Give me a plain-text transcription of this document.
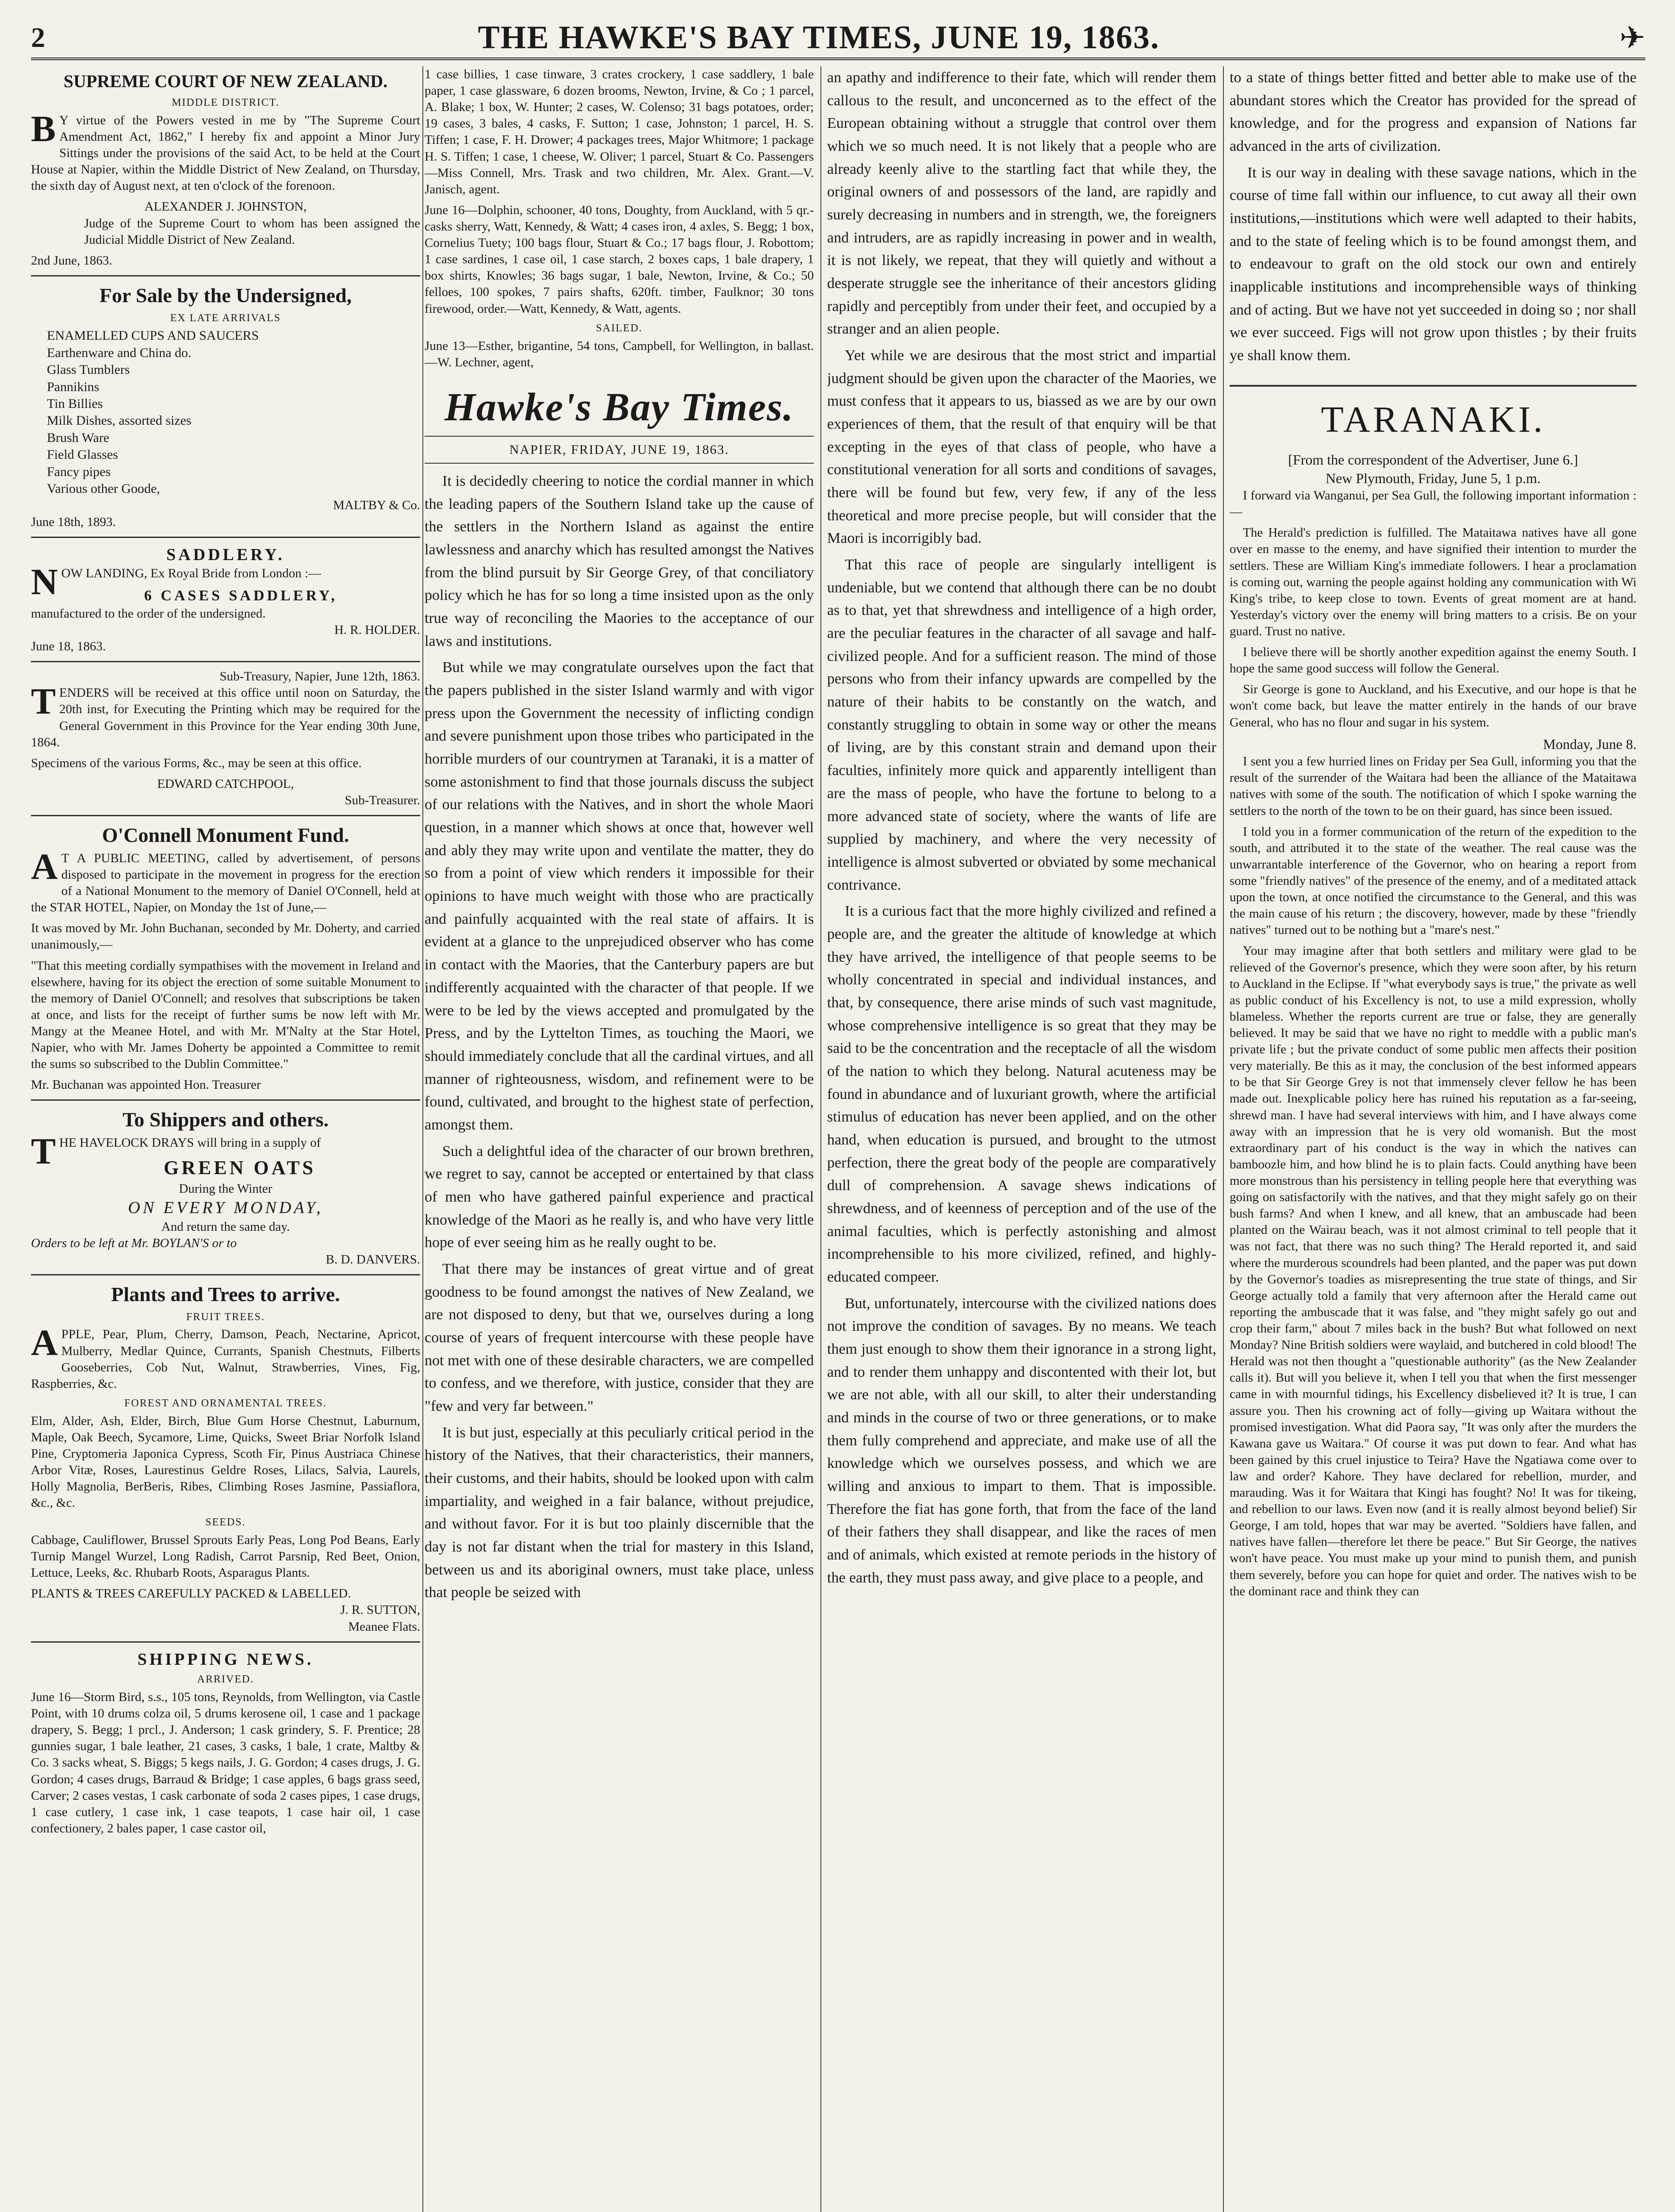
2	THE HAWKE'S BAY TIMES, JUNE 19, 1863.	✈
SUPREME COURT OF NEW ZEALAND.
MIDDLE DISTRICT.

BY virtue of the Powers vested in me by "The Supreme Court Amendment Act, 1862," I hereby fix and appoint a Minor Jury Sittings under the provisions of the said Act, to be held at the Court House at Napier, within the Middle District of New Zealand, on Thursday, the sixth day of August next, at ten o'clock of the forenoon.

ALEXANDER J. JOHNSTON,

Judge of the Supreme Court to whom has been assigned the Judicial Middle District of New Zealand.

2nd June, 1863.
For Sale by the Undersigned,
EX LATE ARRIVALS
ENAMELLED CUPS AND SAUCERS
Earthenware and China do.
Glass Tumblers
Pannikins
Tin Billies
Milk Dishes, assorted sizes
Brush Ware
Field Glasses
Fancy pipes
Various other Goode,
MALTBY & Co.
June 18th, 1893.
SADDLERY.

NOW LANDING, Ex Royal Bride from London :—

6 CASES SADDLERY,
manufactured to the order of the undersigned.
H. R. HOLDER.
June 18, 1863.
Sub-Treasury, Napier, June 12th, 1863.

TENDERS will be received at this office until noon on Saturday, the 20th inst, for Executing the Printing which may be required for the General Government in this Province for the Year ending 30th June, 1864.

Specimens of the various Forms, &c., may be seen at this office.

EDWARD CATCHPOOL,
Sub-Treasurer.
O'Connell Monument Fund.

AT A PUBLIC MEETING, called by advertisement, of persons disposed to participate in the movement in progress for the erection of a National Monument to the memory of Daniel O'Connell, held at the STAR HOTEL, Napier, on Monday the 1st of June,—

It was moved by Mr. John Buchanan, seconded by Mr. Doherty, and carried unanimously,—

"That this meeting cordially sympathises with the movement in Ireland and elsewhere, having for its object the erection of some suitable Monument to the memory of Daniel O'Connell; and resolves that subscriptions be taken at once, and lists for the receipt of further sums be now left with Mr. Mangy at the Meanee Hotel, and with Mr. M'Nalty at the Star Hotel, Napier, who with Mr. James Doherty be appointed a Committee to remit the sums so subscribed to the Dublin Committee."

Mr. Buchanan was appointed Hon. Treasurer

To Shippers and others.

THE HAVELOCK DRAYS will bring in a supply of

GREEN OATS
During the Winter
ON EVERY MONDAY,
And return the same day.
Orders to be left at Mr. BOYLAN'S or to
B. D. DANVERS.
Plants and Trees to arrive.
FRUIT TREES.

APPLE, Pear, Plum, Cherry, Damson, Peach, Nectarine, Apricot, Mulberry, Medlar Quince, Currants, Spanish Chestnuts, Filberts Gooseberries, Cob Nut, Walnut, Strawberries, Vines, Fig, Raspberries, &c.

FOREST AND ORNAMENTAL TREES.

Elm, Alder, Ash, Elder, Birch, Blue Gum Horse Chestnut, Laburnum, Maple, Oak Beech, Sycamore, Lime, Quicks, Sweet Briar Norfolk Island Pine, Cryptomeria Japonica Cypress, Scoth Fir, Pinus Austriaca Chinese Arbor Vitæ, Roses, Laurestinus Geldre Roses, Lilacs, Salvia, Laurels, Holly Magnolia, BerBeris, Ribes, Climbing Roses Jasmine, Passiaflora, &c., &c.

SEEDS.

Cabbage, Cauliflower, Brussel Sprouts Early Peas, Long Pod Beans, Early Turnip Mangel Wurzel, Long Radish, Carrot Parsnip, Red Beet, Onion, Lettuce, Leeks, &c. Rhubarb Roots, Asparagus Plants.

PLANTS & TREES CAREFULLY PACKED & LABELLED.
J. R. SUTTON,
Meanee Flats.
SHIPPING NEWS.
ARRIVED.

June 16—Storm Bird, s.s., 105 tons, Reynolds, from Wellington, via Castle Point, with 10 drums colza oil, 5 drums kerosene oil, 1 case and 1 package drapery, S. Begg; 1 prcl., J. Anderson; 1 cask grindery, S. F. Prentice; 28 gunnies sugar, 1 bale leather, 21 cases, 3 casks, 1 bale, 1 crate, Maltby & Co. 3 sacks wheat, S. Biggs; 5 kegs nails, J. G. Gordon; 4 cases drugs, J. G. Gordon; 4 cases drugs, Barraud & Bridge; 1 case apples, 6 bags grass seed, Carver; 2 cases vestas, 1 cask carbonate of soda 2 cases pipes, 1 case drugs, 1 case cutlery, 1 case ink, 1 case teapots, 1 case hair oil, 1 case confectionery, 2 bales paper, 1 case castor oil,

1 case billies, 1 case tinware, 3 crates crockery, 1 case saddlery, 1 bale paper, 1 case glassware, 6 dozen brooms, Newton, Irvine, & Co ; 1 parcel, A. Blake; 1 box, W. Hunter; 2 cases, W. Colenso; 31 bags potatoes, order; 19 cases, 3 bales, 4 casks, F. Sutton; 1 case, Johnston; 1 parcel, H. S. Tiffen; 1 case, F. H. Drower; 4 packages trees, Major Whitmore; 1 package H. S. Tiffen; 1 case, 1 cheese, W. Oliver; 1 parcel, Stuart & Co. Passengers—Miss Connell, Mrs. Trask and two children, Mr. Alex. Grant.—V. Janisch, agent.

June 16—Dolphin, schooner, 40 tons, Doughty, from Auckland, with 5 qr.-casks sherry, Watt, Kennedy, & Watt; 4 cases iron, 4 axles, S. Begg; 1 box, Cornelius Tuety; 100 bags flour, Stuart & Co.; 17 bags flour, J. Robottom; 1 case sardines, 1 case oil, 1 case starch, 2 boxes caps, 1 bale drapery, 1 box shirts, Knowles; 36 bags sugar, 1 bale, Newton, Irvine, & Co.; 50 felloes, 100 spokes, 7 pairs shafts, 620ft. timber, Faulknor; 30 tons firewood, order.—Watt, Kennedy, & Watt, agents.

SAILED.

June 13—Esther, brigantine, 54 tons, Campbell, for Wellington, in ballast.—W. Lechner, agent,

Hawke's Bay Times.
NAPIER, FRIDAY, JUNE 19, 1863.

It is decidedly cheering to notice the cordial manner in which the leading papers of the Southern Island take up the cause of the settlers in the Northern Island as against the entire lawlessness and anarchy which has resulted amongst the Natives from the blind pursuit by Sir George Grey, of that conciliatory policy which he has for so long a time insisted upon as the only true way of reconciling the Maories to the acceptance of our laws and institutions.

But while we may congratulate ourselves upon the fact that the papers published in the sister Island warmly and with vigor press upon the Government the necessity of inflicting condign and severe punishment upon those tribes who participated in the horrible murders of our countrymen at Taranaki, it is a matter of some astonishment to find that those journals discuss the subject of our relations with the Natives, and in short the whole Maori question, in a manner which shows at once that, however well and ably they may write upon and ventilate the matter, they do so from a point of view which renders it impossible for their opinions to have much weight with those who are practically and painfully acquainted with the real state of affairs. It is evident at a glance to the unprejudiced observer who has come in contact with the Maories, that the Canterbury papers are but indifferently acquainted with the character of that people. If we were to be led by the views accepted and promulgated by the Press, and by the Lyttelton Times, as touching the Maori, we should immediately conclude that all the cardinal virtues, and all manner of righteousness, wisdom, and refinement were to be found, cultivated, and brought to the highest state of perfection, amongst them.

Such a delightful idea of the character of our brown brethren, we regret to say, cannot be accepted or entertained by that class of men who have gathered painful experience and practical knowledge of the Maori as he really is, and who have very little hope of ever seeing him as he really ought to be.

That there may be instances of great virtue and of great goodness to be found amongst the natives of New Zealand, we are not disposed to deny, but that we, ourselves during a long course of years of frequent intercourse with these people have not met with one of these desirable characters, we are compelled to confess, and we therefore, with justice, consider that they are "few and very far between."

It is but just, especially at this peculiarly critical period in the history of the Natives, that their characteristics, their manners, their customs, and their habits, should be looked upon with calm impartiality, and weighed in a fair balance, without prejudice, and without favor. For it is but too plainly discernible that the day is not far distant when the trial for mastery in this Island, between us and its aboriginal owners, must take place, unless that people be seized with

an apathy and indifference to their fate, which will render them callous to the result, and unconcerned as to the effect of the European obtaining without a struggle that control over them which we so much need. It is not likely that a people who are already keenly alive to the startling fact that while they, the original owners of and possessors of the land, are rapidly and surely decreasing in numbers and in strength, we, the foreigners and intruders, are as rapidly increasing in power and in wealth, it is not likely, we repeat, that they will quietly and without a desperate struggle see the inheritance of their ancestors gliding rapidly and perceptibly from under their feet, and occupied by a stranger and an alien people.

Yet while we are desirous that the most strict and impartial judgment should be given upon the character of the Maories, we must confess that it appears to us, biassed as we are by our own experiences of them, that the result of that enquiry will be that excepting in the eyes of that class of people, who have a constitutional veneration for all sorts and conditions of savages, there will be found but few, very few, if any of the less theoretical and more precise people, but will consider that the Maori is incorrigibly bad.

That this race of people are singularly intelligent is undeniable, but we contend that although there can be no doubt as to that, yet that shrewdness and intelligence of a high order, are the peculiar features in the character of all savage and half-civilized people. And for a sufficient reason. The mind of those persons who from their infancy upwards are compelled by the nature of their habits to be constantly on the watch, and constantly struggling to obtain in some way or other the means of living, are by this constant strain and demand upon their faculties, infinitely more quick and apparently intelligent than are the mass of people, who have the fortune to belong to a more advanced state of society, where the wants of life are supplied by machinery, and where the very necessity of intelligence is almost subverted or obviated by some mechanical contrivance.

It is a curious fact that the more highly civilized and refined a people are, and the greater the altitude of knowledge at which they have arrived, the intelligence of that people seems to be wholly concentrated in special and individual instances, and that, by consequence, there arise minds of such vast magnitude, whose comprehensive intelligence is so great that they may be said to be the concentration and the receptacle of all the wisdom of the nation to which they belong. Natural acuteness may be found in abundance and of luxuriant growth, where the artificial stimulus of education has never been applied, and on the other hand, when education is pursued, and brought to the utmost perfection, there the great body of the people are comparatively dull of comprehension. A savage shews indications of shrewdness, and of keenness of perception and of the use of the animal faculties, which is perfectly astonishing and almost incomprehensible to his more civilized, refined, and highly-educated compeer.

But, unfortunately, intercourse with the civilized nations does not improve the condition of savages. By no means. We teach them just enough to show them their ignorance in a strong light, and to render them unhappy and discontented with their lot, but we are not able, with all our skill, to alter their understanding and minds in the course of two or three generations, or to make them fully comprehend and appreciate, and make use of all the knowledge which we ourselves possess, and which we are willing and anxious to impart to them. That is impossible. Therefore the fiat has gone forth, that from the face of the land of their fathers they shall disappear, and like the races of men and of animals, which existed at remote periods in the history of the earth, they must pass away, and give place to a people, and

to a state of things better fitted and better able to make use of the abundant stores which the Creator has provided for the spread of knowledge, and for the progress and expansion of Nations far advanced in the arts of civilization.

It is our way in dealing with these savage nations, which in the course of time fall within our influence, to cut away all their own institutions,—institutions which were well adapted to their habits, and to the state of feeling which is to be found amongst them, and to endeavour to graft on the old stock our own and entirely inapplicable institutions and incomprehensible ways of thinking and of acting. But we have not yet succeeded in doing so ; nor shall we ever succeed. Figs will not grow upon thistles ; by their fruits ye shall know them.

TARANAKI.
[From the correspondent of the Advertiser, June 6.]
New Plymouth, Friday, June 5, 1 p.m.

I forward via Wanganui, per Sea Gull, the following important information :—

The Herald's prediction is fulfilled. The Mataitawa natives have all gone over en masse to the enemy, and have signified their intention to murder the settlers. These are William King's immediate followers. I hear a proclamation is coming out, warning the people against holding any communication with Wi King's tribe, to keep close to town. Events of great moment are at hand. Yesterday's victory over the enemy will bring matters to a crisis. Be on your guard. Trust no native.

I believe there will be shortly another expedition against the enemy South. I hope the same good success will follow the General.

Sir George is gone to Auckland, and his Executive, and our hope is that he won't come back, but leave the matter entirely in the hands of our brave General, who has no flour and sugar in his system.

Monday, June 8.

I sent you a few hurried lines on Friday per Sea Gull, informing you that the result of the surrender of the Waitara had been the alliance of the Mataitawa natives with some of the south. The notification of which I spoke warning the settlers to the north of the town to be on their guard, has since been issued.

I told you in a former communication of the return of the expedition to the south, and attributed it to the state of the weather. The real cause was the unwarrantable interference of the Governor, who on hearing a report from some "friendly natives" of the presence of the enemy, and of a meditated attack upon the town, at once notified the circumstance to the General, and this was the main cause of his return ; the discovery, however, made by these "friendly natives" turned out to be nothing but a "mare's nest."

Your may imagine after that both settlers and military were glad to be relieved of the Governor's presence, which they were soon after, by his return to Auckland in the Eclipse. If "what everybody says is true," the private as well as public conduct of his Excellency is not, to use a mild expression, wholly blameless. Whether the reports current are true or false, they are generally believed. It may be said that we have no right to meddle with a public man's private life ; but the private conduct of some public men affects their position very materially. Be this as it may, the conclusion of the best informed appears to be that Sir George Grey is not that immensely clever fellow he has been made out. Inexplicable policy here has ruined his reputation as a far-seeing, shrewd man. I have had several interviews with him, and I have always come away with an impression that he is very old womanish. But the most extraordinary part of his conduct is the way in which the natives can bamboozle him, and how blind he is to plain facts. Could anything have been more monstrous than his persistency in telling people here that everything was going on satisfactorily with the natives, and that they might safely go on their bush farms? And when I knew, and all knew, that an ambuscade had been planted on the Wairau beach, was it not almost criminal to tell people that it was not fact, that there was no such thing? The Herald reported it, and said where the murderous scoundrels had been planted, and the paper was put down by the Governor's toadies as misrepresenting the true state of things, and Sir George actually told a family that very afternoon after the Herald came out reporting the ambuscade that it was false, and "they might safely go out and crop their farm," about 7 miles back in the bush? But what followed on next Monday? Nine British soldiers were waylaid, and butchered in cold blood! The Herald was not then thought a "questionable authority" (as the New Zealander calls it). But will you believe it, when I tell you that when the first messenger came in with mournful tidings, his Excellency disbelieved it? It is true, I can assure you. Then his crowning act of folly—giving up Waitara without the promised investigation. What did Paora say, "It was only after the murders the Kawana gave us Waitara." Of course it was put down to fear. And what has been gained by this cruel injustice to Teira? Have the Ngatiawa come over to law and order? Kahore. They have declared for rebellion, murder, and marauding. Was it for Waitara that Kingi has fought? No! It was for tikeing, and rebellion to our laws. Even now (and it is really almost beyond belief) Sir George, I am told, hopes that war may be averted. "Soldiers have fallen, and natives have fallen—therefore let there be peace." But Sir George, the natives won't have peace. You must make up your mind to punish them, and punish them severely, before you can hope for quiet and order. The natives wish to be the dominant race and think they can
